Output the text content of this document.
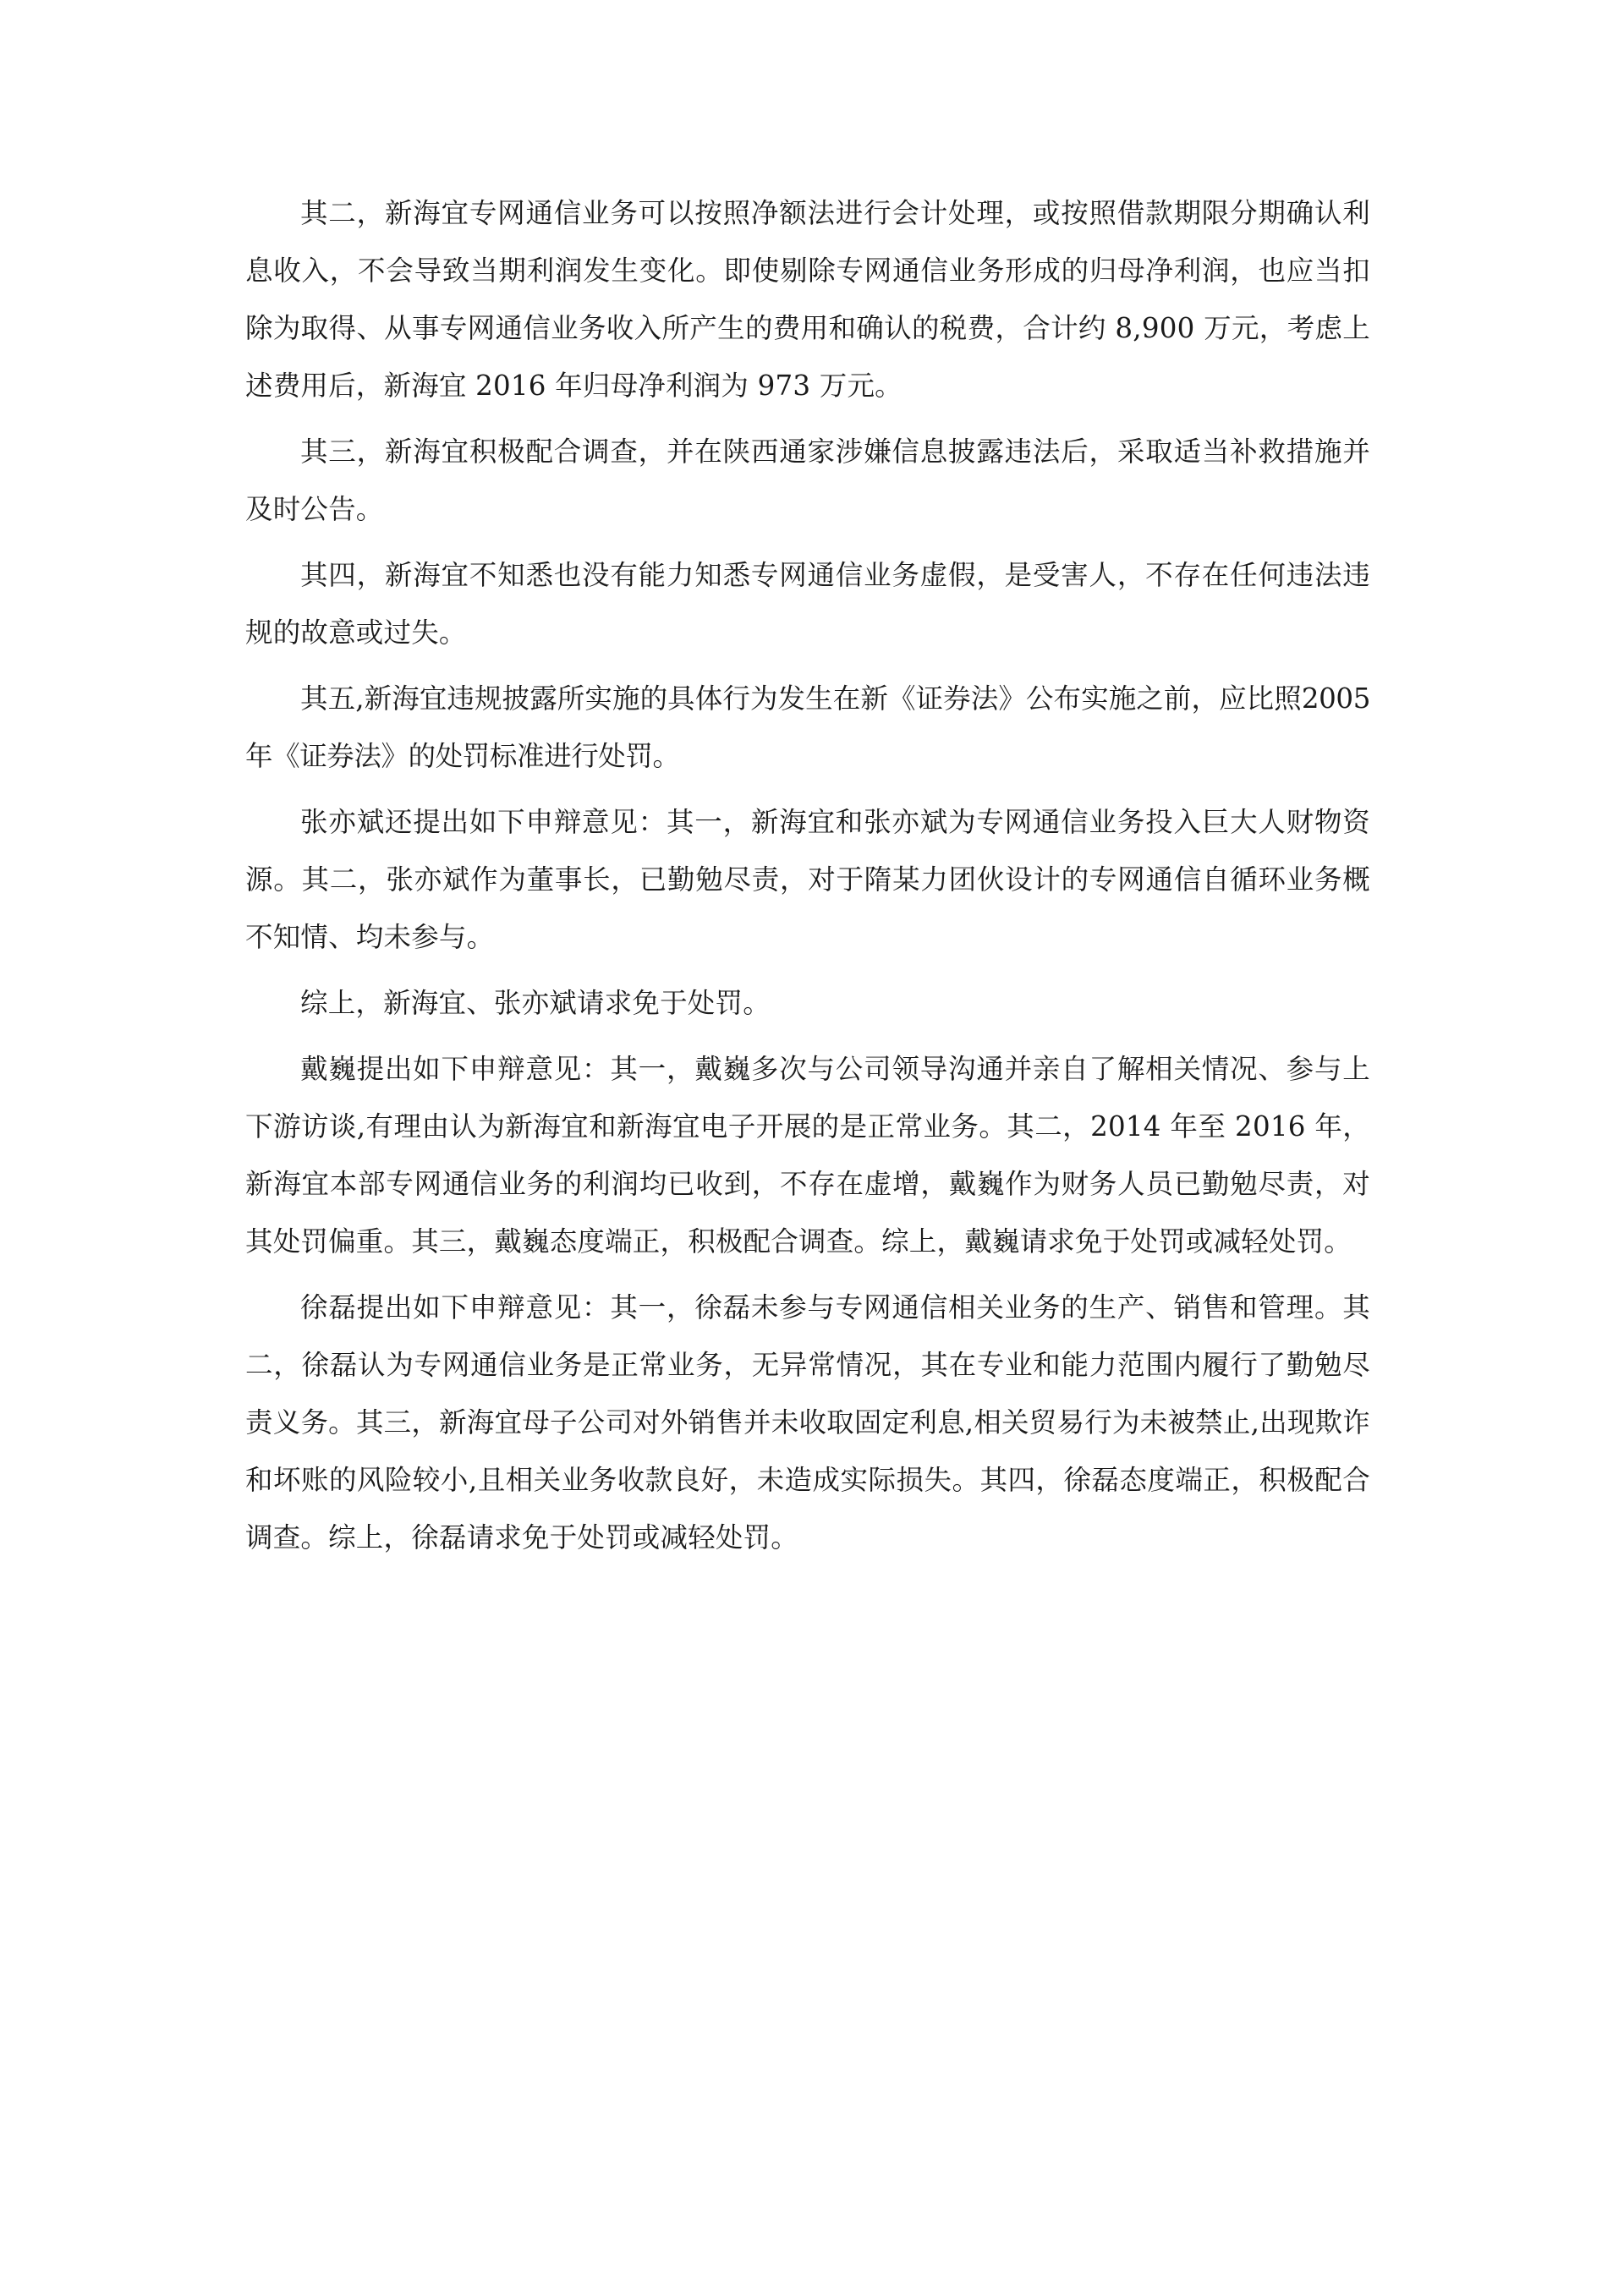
其二，新海宜专网通信业务可以按照净额法进行会计处理，或按照借款期限分期确认利息收入，不会导致当期利润发生变化。即使剔除专网通信业务形成的归母净利润，也应当扣除为取得、从事专网通信业务收入所产生的费用和确认的税费，合计约 8,900 万元，考虑上述费用后，新海宜 2016 年归母净利润为 973 万元。

其三，新海宜积极配合调查，并在陕西通家涉嫌信息披露违法后，采取适当补救措施并及时公告。

其四，新海宜不知悉也没有能力知悉专网通信业务虚假，是受害人，不存在任何违法违规的故意或过失。

其五,新海宜违规披露所实施的具体行为发生在新《证券法》公布实施之前，应比照2005 年《证券法》的处罚标准进行处罚。

张亦斌还提出如下申辩意见：其一，新海宜和张亦斌为专网通信业务投入巨大人财物资源。其二，张亦斌作为董事长，已勤勉尽责，对于隋某力团伙设计的专网通信自循环业务概不知情、均未参与。

综上，新海宜、张亦斌请求免于处罚。

戴巍提出如下申辩意见：其一，戴巍多次与公司领导沟通并亲自了解相关情况、参与上下游访谈,有理由认为新海宜和新海宜电子开展的是正常业务。其二，2014 年至 2016 年，新海宜本部专网通信业务的利润均已收到，不存在虚增，戴巍作为财务人员已勤勉尽责，对其处罚偏重。其三，戴巍态度端正，积极配合调查。综上，戴巍请求免于处罚或减轻处罚。

徐磊提出如下申辩意见：其一，徐磊未参与专网通信相关业务的生产、销售和管理。其二，徐磊认为专网通信业务是正常业务，无异常情况，其在专业和能力范围内履行了勤勉尽责义务。其三，新海宜母子公司对外销售并未收取固定利息,相关贸易行为未被禁止,出现欺诈和坏账的风险较小,且相关业务收款良好，未造成实际损失。其四，徐磊态度端正，积极配合调查。综上，徐磊请求免于处罚或减轻处罚。
